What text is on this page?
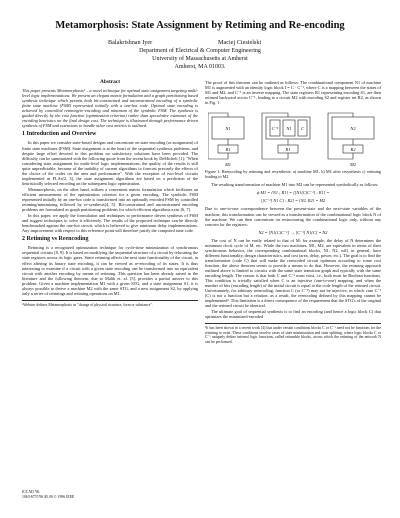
Metamorphosis: State Assignment by Retiming and Re-encoding
Balakrishnan Iyer	Maciej Ciesielski
Department of Electrical & Computer Engineering
University of Massachusetts at Amherst
Amherst, MA 01003.
Abstract

This paper presents Metamorphosis¹ – a novel technique for optimal state assignment targeting multi-level logic implementations. We present an elegant matrix formulation and a graph partitioning based synthesis technique which permits both bit-constrained and unconstrained encoding of a symbolic finite state machine (FSM) represented initially with a one-hot code. Optimal state encoding is achieved by controlled retiming/re-encoding and minimum of the symbolic FSM. The synthesis is guided directly by the cost function (optimization criterion) rather than speculative estimates of the encoding heuristics on the final design cost. The technique is illustrated through performance driven synthesis of FSM and extensions to handle other cost metrics is outlined.

1 Introduction and Overview

In this paper we consider state-based designs and concentrate on state encoding (or assignment) of finite state machines (FSM). State assignment is at the heart of the sequential synthesis problems, and despite large effort devoted to this problem no satisfactory solutions have been provided. The difficulty can be summarized with the following quote from the recent book by DeMicheli [1]: "When considering state assignment for multi-level logic implementations, the quality of the results is still quite unpredictable, because of the inability of current algorithms to forecast precisely the effects of the choice of the codes on the area and performance". With the exception of two-level circuits implemented as PLAs[2, 3], the state assignment algorithms are based on a prediction of the heuristically selected encoding on the subsequent logic optimization.

Metamorphosis, on the other hand, utilizes a convenient matrix formulation which facilitates an efficient measurement of the optimization criterion for a given encoding. The symbolic FSM represented initially by an one-hot code is transformed into an optimally encoded FSM by controlled retiming/minimizing followed by re-synthesis[4, 5]. Bit-constrained and unconstrained encoding problems are formulated as graph partitioning problems for which efficient algorithms exist [6, 7].

In this paper, we apply the formulation and techniques to performance driven synthesis of FSM and suggest techniques to solve it efficiently. The results of the proposed technique can be directly benchmarked against the one-hot circuit, which is believed to give minimum delay implementations. Any improvement with respect to this reference point will therefore justify the computed state code.

2 Retiming vs Reencoding

Retiming is a recognized optimization technique for cycle-time minimization of synchronous sequential circuits [8, 9]. It is based on modifying the sequential structure of a circuit by relocating the state registers across its logic gates. Since retiming affects the next state functionality of the circuit, in effect altering its binary state encoding, it can be viewed as re-encoding of its states. It is thus interesting to examine if a circuit with a given state encoding can be transformed into an equivalent circuit with another encoding by means of retiming. This question has been already raised in the literature and the following theorem, due to Malik et. al. [5], provides a partial answer to this problem: Given a machine implementation M1 with a given STG, and a state assignment S1, it is always possible to derive a machine M2 with the same STG, and a new assignment S2, by applying only a series of retimings and retiming operations on M1.

¹Webster defines Metamorphosis as "change of physical structure, form or substance".

The proof of this theorem can be outlined as follows: The combinational component N1 of machine M1 is augmented with an identity logic block I = C · C⁻¹, where C is a mapping between the states of M1 and M2, and C⁻¹ is an inverse mapping. The state registers R1 representing encoding S1, are then retimed backward across C⁻¹, leading to a circuit M2 with encoding S2 and register set R2, as shown in Fig. 1.

N1
R1
C⁻¹ N1 C
R1
N2
R2
M1	M2
Figure 1: Reencoding by retiming and resynthesis: a) machine M1, b) M1 after resynthesis c) retiming leading to M2

The resulting transformation of machine M1 into M2 can be represented symbolically as follows:

ψ M1 = {N1 ; R1} = [[N1(C)C⁻¹] ; R1] =
[[C⁻¹] N1 C] ; R2] = {N2, R2} = M2

Due to one-to-one correspondence between the present-state and the next-state variables of the machine, this transformation can be viewed as a transformation of the combinational logic block N of the machine. We can then concentrate on restructuring the combinational logic only, without any concern for the registers:

N2 = [N1(C)C⁻¹] → [C⁻¹] N1(C] = N2

The cost of N can be easily related to that of M; for example, the delay of N determines the minimum clock cycle of M, etc. While the two machines, M1, M2, are equivalent in terms of their synchronous behavior, the corresponding combinational blocks, N1, N2, will, in general, have different functionality, design characteristics, and cost (area, delay, power, etc.). The goal is to find the transformation (code C) that will make the reencoded circuit optimum according to some cost function; the above theorem seems to provide a means to do that. However, the retiming approach outlined above is limited to circuits with the same state transition graph and typically with the same encoding length. The reason is that both C and C⁻¹ must exist, i.e., both must be Boolean functions. This condition is trivially satisfied when C is an injective (one-to-one) mapping, and when the number of bits (encoding length) of the initial circuit is equal to the code length of the retimed circuit. Unfortunately, for arbitrary reencoding, function C (or C⁻¹) may not be injective, in which case C⁻¹ (C) is not a function but a relation; as a result, the reencoding defined by this mapping cannot be implemented². This limitation is a direct consequence of the requirement that the STG's of the original and the retimed circuit be identical.

The ultimate goal of sequential synthesis is to find an encoding (and hence a logic block C) that optimizes the minimized-encoded

²It has been shown in a recent work [4] that under certain conditions blocks C or C⁻¹ need not be functions for the retiming to exist. These conditions involve cases of state minimization and state splitting, where logic blocks C or C⁻¹ uniquely define internal logic functions, called retimable blocks, across which the retiming of the network N can be performed.
ICCAD '96
1063-6757/96 $5.00 © 1996 IEEE
